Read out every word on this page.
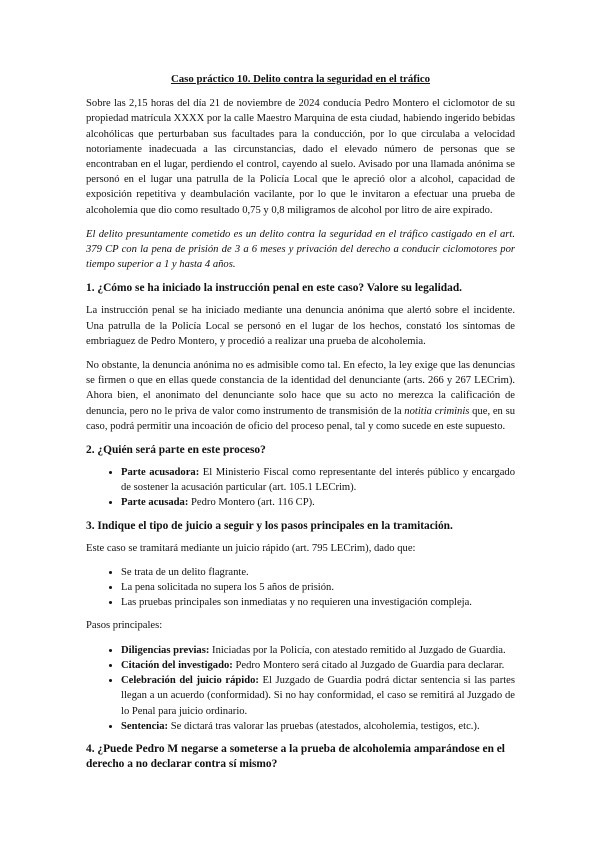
Caso práctico 10. Delito contra la seguridad en el tráfico

Sobre las 2,15 horas del día 21 de noviembre de 2024 conducía Pedro Montero el ciclomotor de su propiedad matrícula XXXX por la calle Maestro Marquina de esta ciudad, habiendo ingerido bebidas alcohólicas que perturbaban sus facultades para la conducción, por lo que circulaba a velocidad notoriamente inadecuada a las circunstancias, dado el elevado número de personas que se encontraban en el lugar, perdiendo el control, cayendo al suelo. Avisado por una llamada anónima se personó en el lugar una patrulla de la Policía Local que le apreció olor a alcohol, capacidad de exposición repetitiva y deambulación vacilante, por lo que le invitaron a efectuar una prueba de alcoholemia que dio como resultado 0,75 y 0,8 miligramos de alcohol por litro de aire expirado.

El delito presuntamente cometido es un delito contra la seguridad en el tráfico castigado en el art. 379 CP con la pena de prisión de 3 a 6 meses y privación del derecho a conducir ciclomotores por tiempo superior a 1 y hasta 4 años.

1. ¿Cómo se ha iniciado la instrucción penal en este caso? Valore su legalidad.

La instrucción penal se ha iniciado mediante una denuncia anónima que alertó sobre el incidente. Una patrulla de la Policía Local se personó en el lugar de los hechos, constató los síntomas de embriaguez de Pedro Montero, y procedió a realizar una prueba de alcoholemia.

No obstante, la denuncia anónima no es admisible como tal. En efecto, la ley exige que las denuncias se firmen o que en ellas quede constancia de la identidad del denunciante (arts. 266 y 267 LECrim). Ahora bien, el anonimato del denunciante solo hace que su acto no merezca la calificación de denuncia, pero no le priva de valor como instrumento de transmisión de la notitia criminis que, en su caso, podrá permitir una incoación de oficio del proceso penal, tal y como sucede en este supuesto.

2. ¿Quién será parte en este proceso?
• Parte acusadora: El Ministerio Fiscal como representante del interés público y encargado de sostener la acusación particular (art. 105.1 LECrim).
• Parte acusada: Pedro Montero (art. 116 CP).
3. Indique el tipo de juicio a seguir y los pasos principales en la tramitación.

Este caso se tramitará mediante un juicio rápido (art. 795 LECrim), dado que:

• Se trata de un delito flagrante.
• La pena solicitada no supera los 5 años de prisión.
• Las pruebas principales son inmediatas y no requieren una investigación compleja.

Pasos principales:

• Diligencias previas: Iniciadas por la Policía, con atestado remitido al Juzgado de Guardia.
• Citación del investigado: Pedro Montero será citado al Juzgado de Guardia para declarar.
• Celebración del juicio rápido: El Juzgado de Guardia podrá dictar sentencia si las partes llegan a un acuerdo (conformidad). Si no hay conformidad, el caso se remitirá al Juzgado de lo Penal para juicio ordinario.
• Sentencia: Se dictará tras valorar las pruebas (atestados, alcoholemia, testigos, etc.).
4. ¿Puede Pedro M negarse a someterse a la prueba de alcoholemia amparándose en el derecho a no declarar contra sí mismo?
